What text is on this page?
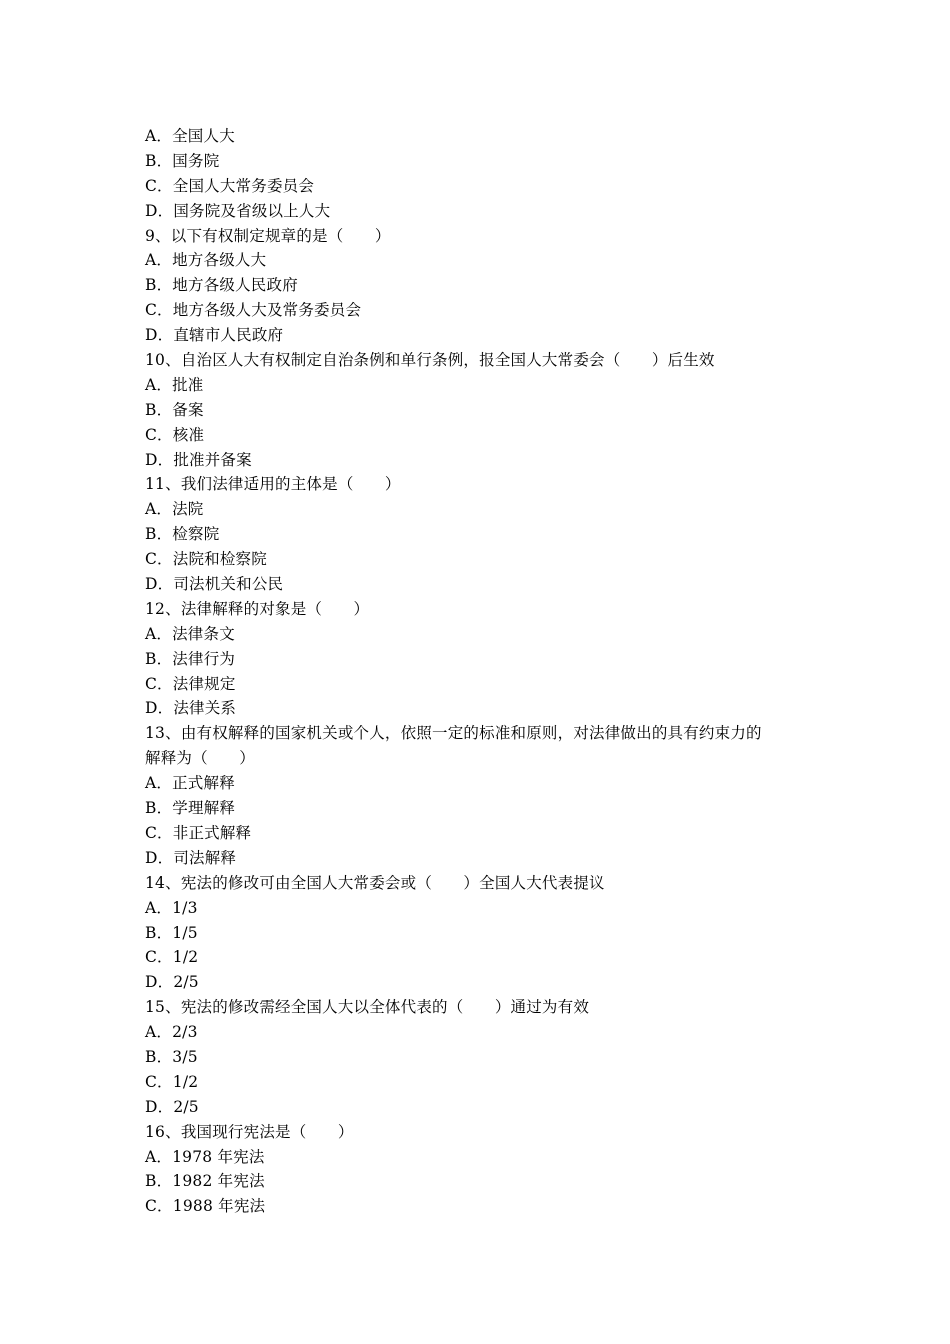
A．全国人大
B．国务院
C．全国人大常务委员会
D．国务院及省级以上人大
9、以下有权制定规章的是（　　）
A．地方各级人大
B．地方各级人民政府
C．地方各级人大及常务委员会
D．直辖市人民政府
10、自治区人大有权制定自治条例和单行条例，报全国人大常委会（　　）后生效
A．批准
B．备案
C．核准
D．批准并备案
11、我们法律适用的主体是（　　）
A．法院
B．检察院
C．法院和检察院
D．司法机关和公民
12、法律解释的对象是（　　）
A．法律条文
B．法律行为
C．法律规定
D．法律关系
13、由有权解释的国家机关或个人，依照一定的标准和原则，对法律做出的具有约束力的
解释为（　　）
A．正式解释
B．学理解释
C．非正式解释
D．司法解释
14、宪法的修改可由全国人大常委会或（　　）全国人大代表提议
A．1/3
B．1/5
C．1/2
D．2/5
15、宪法的修改需经全国人大以全体代表的（　　）通过为有效
A．2/3
B．3/5
C．1/2
D．2/5
16、我国现行宪法是（　　）
A．1978 年宪法
B．1982 年宪法
C．1988 年宪法
